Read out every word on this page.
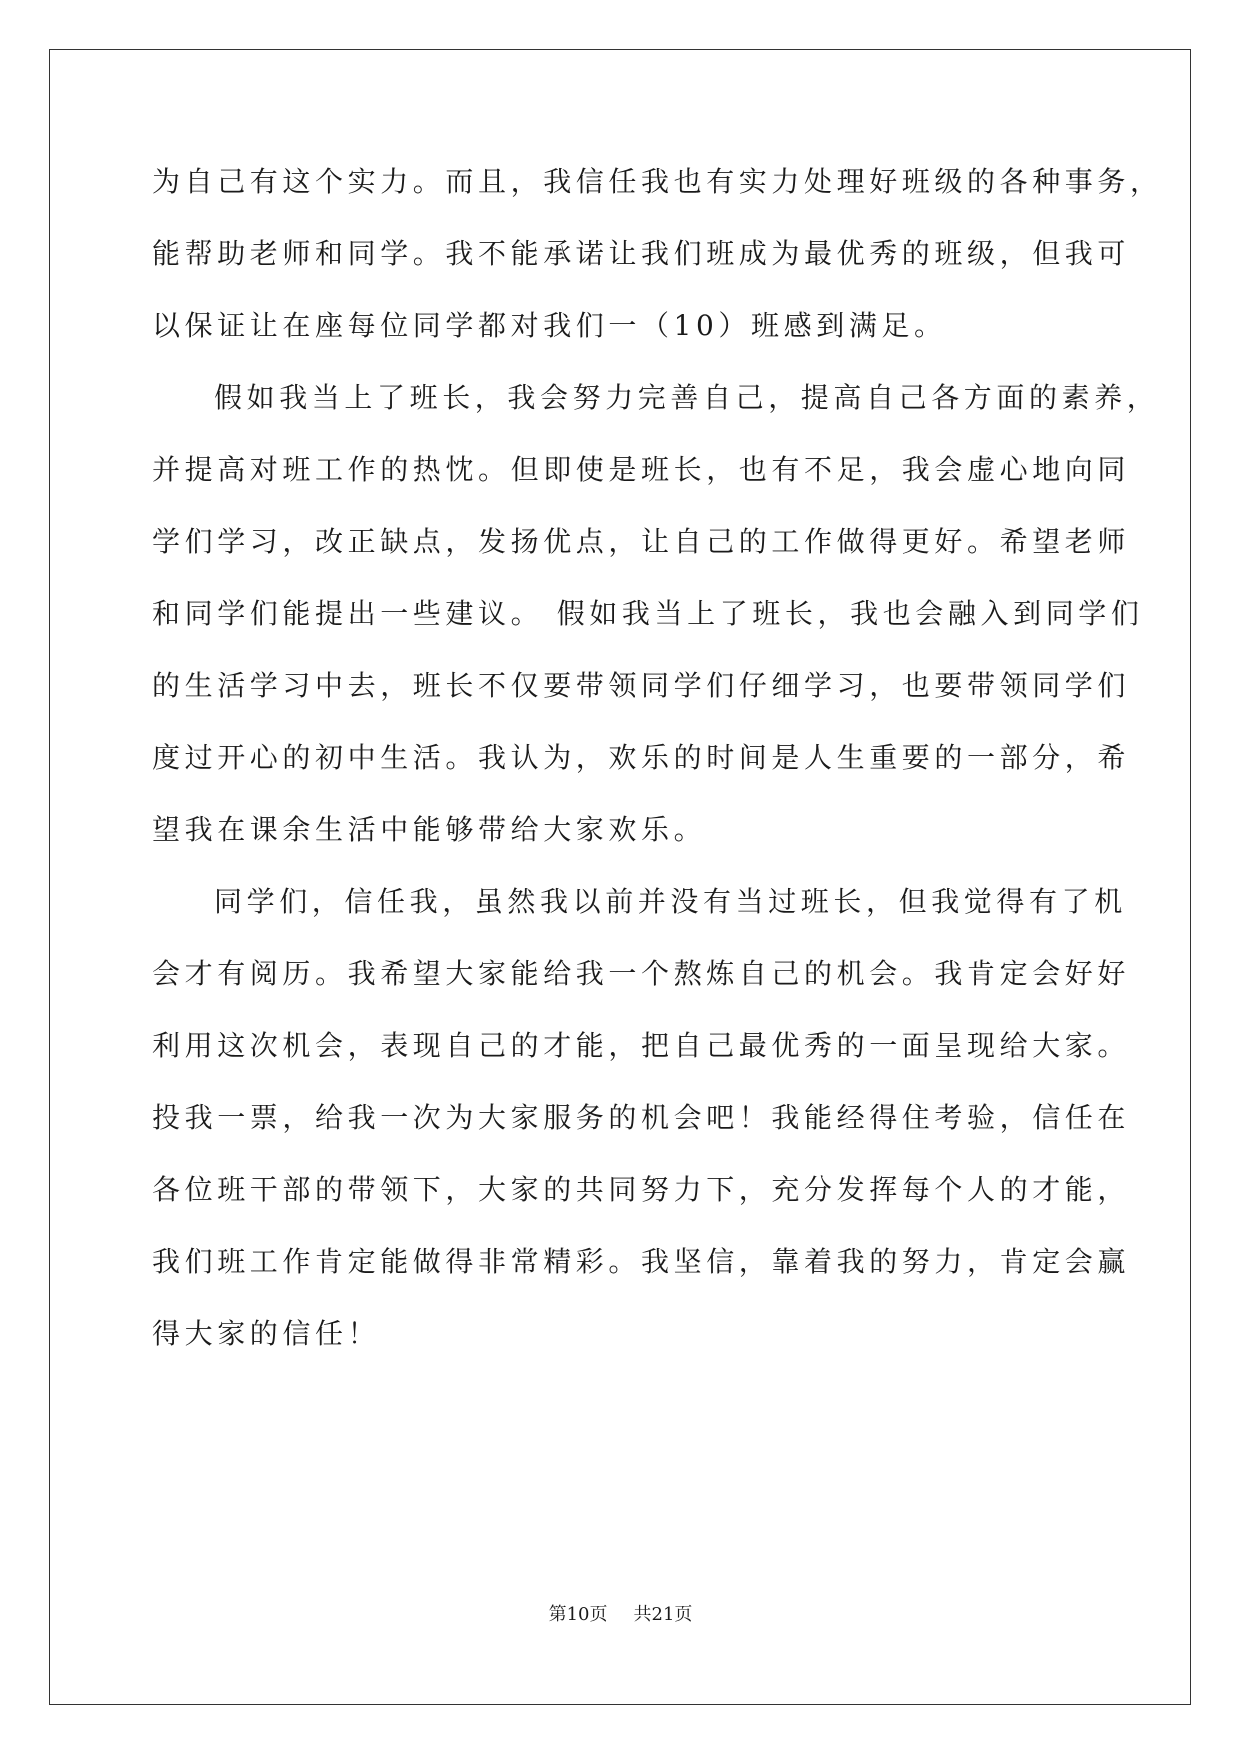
为自己有这个实力。而且，我信任我也有实力处理好班级的各种事务，
能帮助老师和同学。我不能承诺让我们班成为最优秀的班级，但我可
以保证让在座每位同学都对我们一（10）班感到满足。
假如我当上了班长，我会努力完善自己，提高自己各方面的素养，
并提高对班工作的热忱。但即使是班长，也有不足，我会虚心地向同
学们学习，改正缺点，发扬优点，让自己的工作做得更好。希望老师
和同学们能提出一些建议。 假如我当上了班长，我也会融入到同学们
的生活学习中去，班长不仅要带领同学们仔细学习，也要带领同学们
度过开心的初中生活。我认为，欢乐的时间是人生重要的一部分，希
望我在课余生活中能够带给大家欢乐。
同学们，信任我，虽然我以前并没有当过班长，但我觉得有了机
会才有阅历。我希望大家能给我一个熬炼自己的机会。我肯定会好好
利用这次机会，表现自己的才能，把自己最优秀的一面呈现给大家。
投我一票，给我一次为大家服务的机会吧！我能经得住考验，信任在
各位班干部的带领下，大家的共同努力下，充分发挥每个人的才能，
我们班工作肯定能做得非常精彩。我坚信，靠着我的努力，肯定会赢
得大家的信任！
第10页 共21页
